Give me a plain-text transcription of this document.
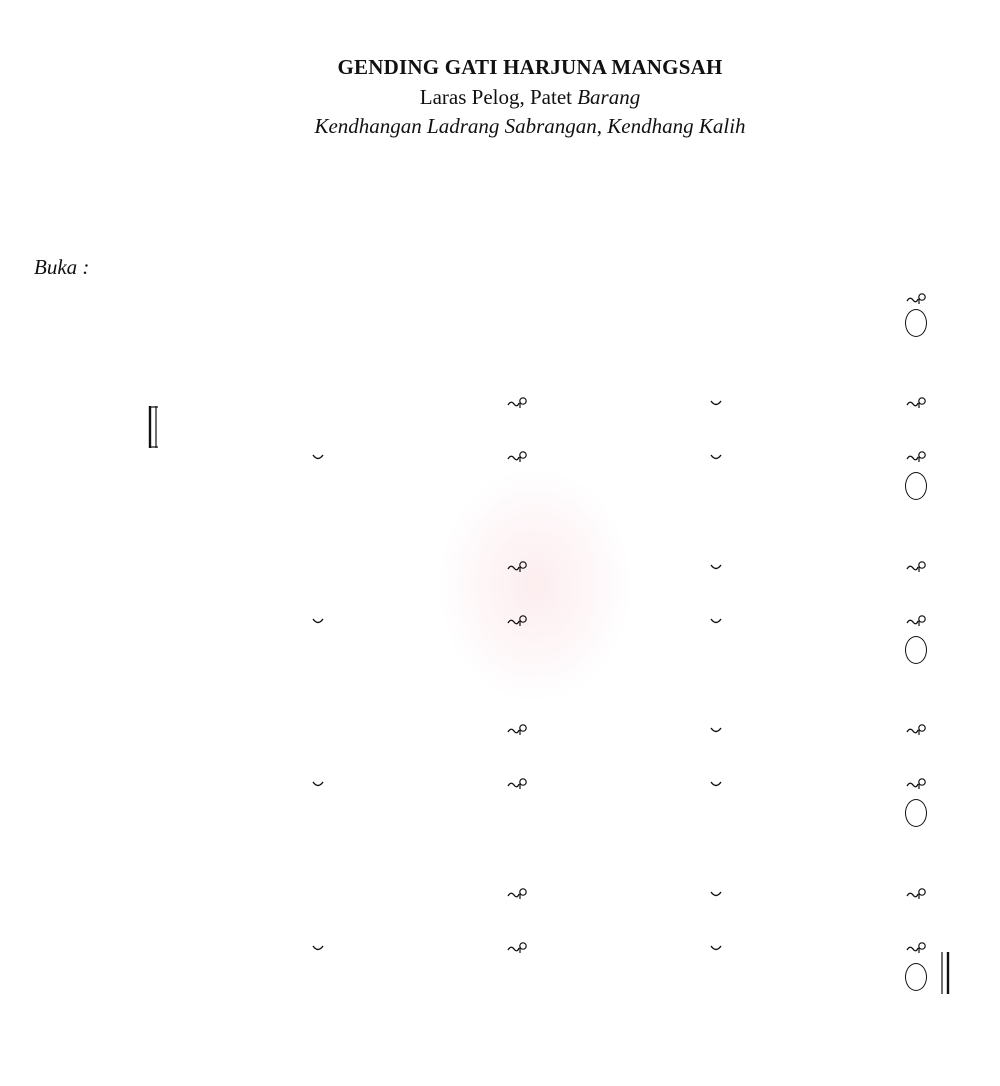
GENDING GATI HARJUNA MANGSAH
Laras Pelog, Patet Barang
Kendhangan Ladrang Sabrangan, Kendhang Kalih
Buka :
